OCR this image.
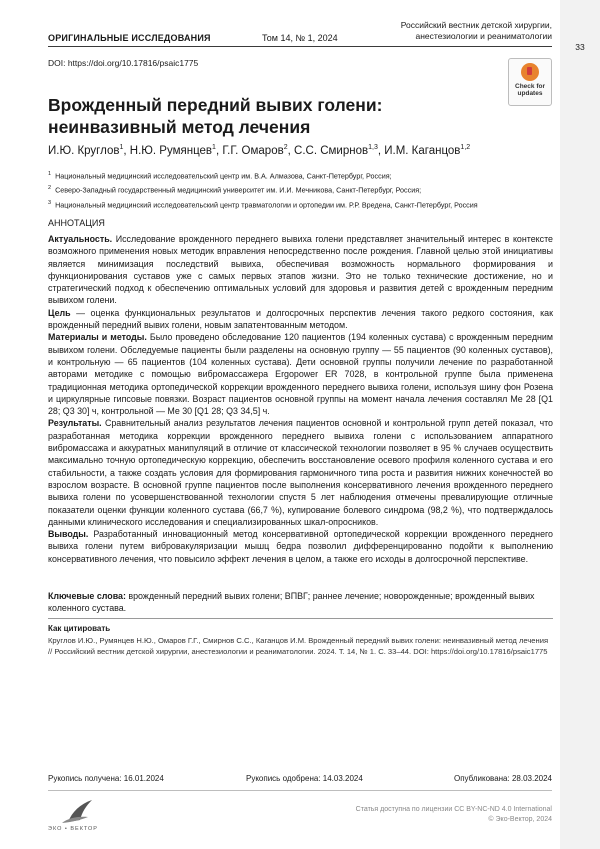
33
ОРИГИНАЛЬНЫЕ ИССЛЕДОВАНИЯ	Том 14, № 1, 2024
Российский вестник детской хирургии,
анестезиологии и реаниматологии
DOI: https://doi.org/10.17816/psaic1775
Check for
updates
Врожденный передний вывих голени:
неинвазивный метод лечения
И.Ю. Круглов$^1$, Н.Ю. Румянцев$^1$, Г.Г. Омаров$^2$, С.С. Смирнов$^{1,3}$, И.М. Каганцов$^{1,2}$
$^1$ Национальный медицинский исследовательский центр им. В.А. Алмазова, Санкт-Петербург, Россия;
$^2$ Северо-Западный государственный медицинский университет им. И.И. Мечникова, Санкт-Петербург, Россия;
$^3$ Национальный медицинский исследовательский центр травматологии и ортопедии им. Р.Р. Вредена, Санкт-Петербург, Россия
АННОТАЦИЯ

Актуальность. Исследование врожденного переднего вывиха голени представляет значительный интерес в контексте возможного применения новых методик вправления непосредственно после рождения. Главной целью этой инициативы является минимизация последствий вывиха, обеспечивая возможность нормального формирования и функционирования суставов уже с самых первых этапов жизни. Это не только технические достижение, но и стратегический подход к обеспечению оптимальных условий для здоровья и развития детей с врожденным передним вывихом голени.

Цель — оценка функциональных результатов и долгосрочных перспектив лечения такого редкого состояния, как врожденный передний вывих голени, новым запатентованным методом.

Материалы и методы. Было проведено обследование 120 пациентов (194 коленных сустава) с врожденным передним вывихом голени. Обследуемые пациенты были разделены на основную группу — 55 пациентов (90 коленных суставов), и контрольную — 65 пациентов (104 коленных сустава). Дети основной группы получили лечение по разработанной авторами методике с помощью вибромассажера Ergopower ER 7028, в контрольной группе была применена традиционная методика ортопедической коррекции врожденного переднего вывиха голени, используя шину фон Розена и циркулярные гипсовые повязки. Возраст пациентов основной группы на момент начала лечения составлял Me 28 [Q1 28; Q3 30] ч, контрольной — Me 30 [Q1 28; Q3 34,5] ч.

Результаты. Сравнительный анализ результатов лечения пациентов основной и контрольной групп детей показал, что разработанная методика коррекции врожденного переднего вывиха голени с использованием аппаратного вибромассажа и аккуратных манипуляций в отличие от классической технологии позволяет в 95 % случаев осуществить максимально точную ортопедическую коррекцию, обеспечить восстановление осевого профиля коленного сустава и его стабильности, а также создать условия для формирования гармоничного типа роста и развития нижних конечностей во взрослом возрасте. В основной группе пациентов после выполнения консервативного лечения врожденного переднего вывиха голени по усовершенствованной технологии спустя 5 лет наблюдения отмечены превалирующие отличные показатели оценки функции коленного сустава (66,7 %), купирование болевого синдрома (98,2 %), что подтверждалось данными клинического исследования и специализированных шкал-опросников.

Выводы. Разработанный инновационный метод консервативной ортопедической коррекции врожденного переднего вывиха голени путем вибровакуляризации мышц бедра позволил дифференцированно подойти к выполнению консервативного лечения, что повысило эффект лечения в целом, а также его исходы в долгосрочной перспективе.

Ключевые слова: врожденный передний вывих голени; ВПВГ; раннее лечение; новорожденные; врожденный вывих коленного сустава.
Как цитировать
Круглов И.Ю., Румянцев Н.Ю., Омаров Г.Г., Смирнов С.С., Каганцов И.М. Врожденный передний вывих голени: неинвазивный метод лечения // Российский вестник детской хирургии, анестезиологии и реаниматологии. 2024. Т. 14, № 1. С. 33–44. DOI: https://doi.org/10.17816/psaic1775
Рукопись получена: 16.01.2024	Рукопись одобрена: 14.03.2024	Опубликована: 28.03.2024
ЭКО • ВЕКТОР
Статья доступна по лицензии CC BY-NC-ND 4.0 International
© Эко-Вектор, 2024
